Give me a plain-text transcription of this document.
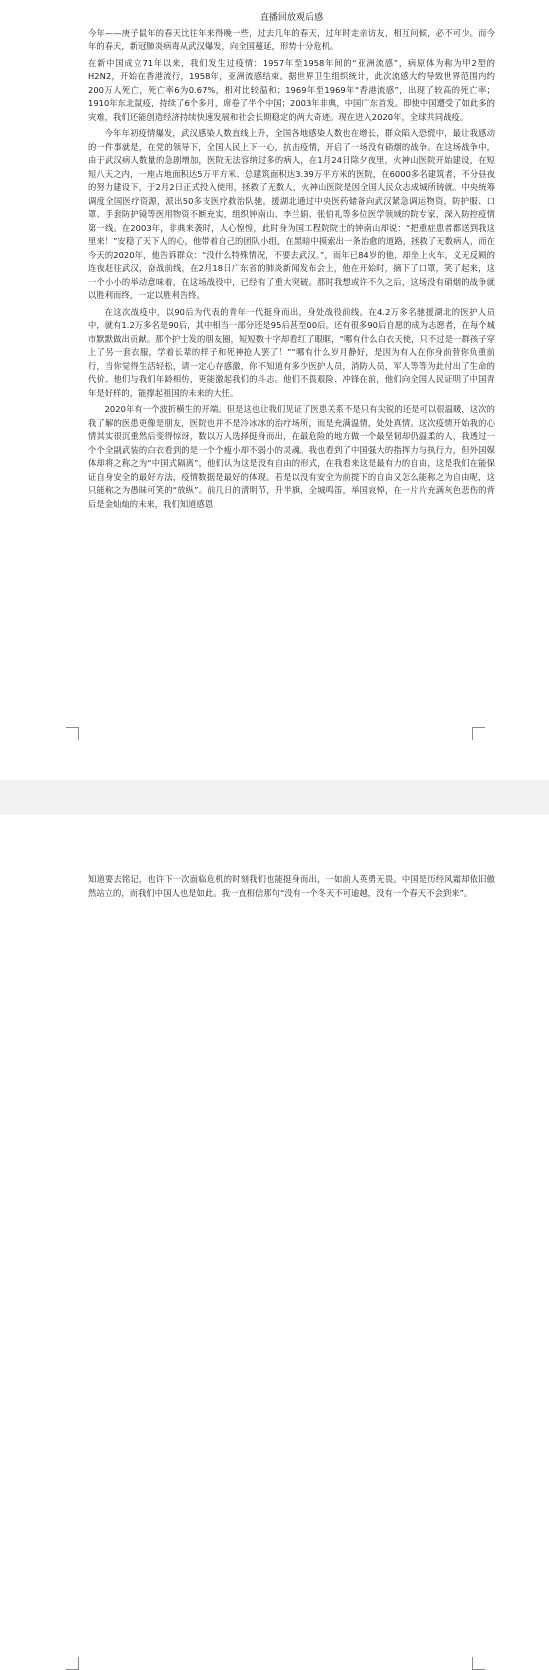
直播回放观后感

今年——庚子鼠年的春天比往年来得晚一些，过去几年的春天，过年时走亲访友，相互问候，必不可少。而今年的春天，新冠肺炎病毒从武汉爆发，向全国蔓延，形势十分危机。

在新中国成立71年以来，我们发生过疫情：1957年至1958年间的“亚洲流感”，病原体为称为甲2型的H2N2，开始在香港流行，1958年，亚洲流感结束。据世界卫生组织统计，此次流感大约导致世界范围内约200万人死亡，死亡率6为0.67%，相对比较温和；1969年至1969年“香港流感”，出现了较高的死亡率；1910年东北鼠疫，持续了6个多月，席卷了半个中国；2003年非典，中国广东首发。即使中国遭受了如此多的灾难，我们还能创造经济持续快速发展和社会长期稳定的两大奇迹。现在进入2020年，全球共同战疫。

今年年初疫情爆发，武汉感染人数直线上升，全国各地感染人数也在增长，群众陷入恐慌中，最让我感动的一件事就是，在党的领导下，全国人民上下一心，抗击疫情，开启了一场没有硝烟的战争。在这场战争中，由于武汉病人数量的急剧增加，医院无法容纳过多的病人，在1月24日除夕夜里，火神山医院开始建设，在短短八天之内，一座占地面积达5万平方米、总建筑面积达3.39万平方米的医院，在6000多名建筑者，不分昼夜的努力建设下，于2月2日正式投入使用，拯救了无数人，火神山医院是因全国人民众志成城所铸就。中央统筹调度全国医疗资源，派出50多支医疗救治队驰，援湖北通过中央医药储备向武汉紧急调运物资，防护服、口罩、手套防护镜等医用物资不断充实，组织钟南山、李兰娟、张伯礼等多位医学领域的院专家，深入防控疫情第一线。在2003年，非典来袭时，人心惶惶，此时身为国工程院院士的钟南山却说：“把重症患者都送到我这里来！”安稳了天下人的心，他带着自己的团队小组，在黑暗中摸索出一条治愈的道路，拯救了无数病人，而在今天的2020年，他告诉群众：“没什么特殊情况，不要去武汉。”，而年已84岁的他，却坐上火车，义无反顾的连夜赶往武汉，奋战前线，在2月18日广东省的肺炎新闻发布会上，他在开始时，摘下了口罩，笑了起来，这一个小小的举动意味着，在这场战役中，已经有了重大突破。那时我想或许不久之后，这场没有硝烟的战争就以胜利而终，一定以胜利告终。

在这次战疫中，以90后为代表的青年一代挺身而出，身处战役前线。在4.2万多名驰援湖北的医护人员中，就有1.2万多名是90后，其中相当一部分还是95后甚至00后。还有很多90后自愿的成为志愿者，在每个城市默默做出贡献。那个护士发的朋友圈，短短数十字却看红了眼眶，“哪有什么白衣天使，只不过是一群孩子穿上了另一套衣服，学着长辈的样子和死神抢人罢了！”“哪有什么岁月静好，是因为有人在你身前替你负重前行，当你觉得生活轻松，请一定心存感激，你不知道有多少医护人员，消防人员，军人等等为此付出了生命的代价。他们与我们年龄相仿，更能激起我们的斗志。他们不畏艰险、冲锋在前，他们向全国人民证明了中国青年是好样的，能撑起祖国的未来的大任。

2020年有一个波折横生的开端。但是这也让我们见证了医患关系不是只有尖锐的还是可以很温暖，这次的我了解的医患更像是朋友，医院也并不是冷冰冰的治疗场所，而是充满温情，处处真情。这次疫情开始我的心情其实很沉重然后变得惊讶，数以万人选择挺身而出，在最危险的地方做一个最坚韧却仍温柔的人，我透过一个个全副武装的白衣看到的是一个个瘦小却不弱小的灵魂。我也看到了中国强大的指挥力与执行力，但外国媒体却将之称之为“中国式隔离”，他们认为这是没有自由的形式，在我看来这是最有力的自由，这是我们在能保证自身安全的最好方法，疫情数据是最好的体现。若是以没有安全为前提下的自由又怎么能称之为自由呢，这只能称之为愚昧可笑的“放纵”。前几日的清明节，升半旗，全城鸣笛，举国哀悼，在一片片充满灰色悲伤的背后是金灿灿的未来，我们知道感恩

知道要去铭记，也许下一次面临危机的时刻我们也能挺身而出，一如前人英勇无畏。中国是历经风霜却依旧傲然站立的，而我们中国人也是如此。我一直相信那句“没有一个冬天不可逾越，没有一个春天不会到来”。
